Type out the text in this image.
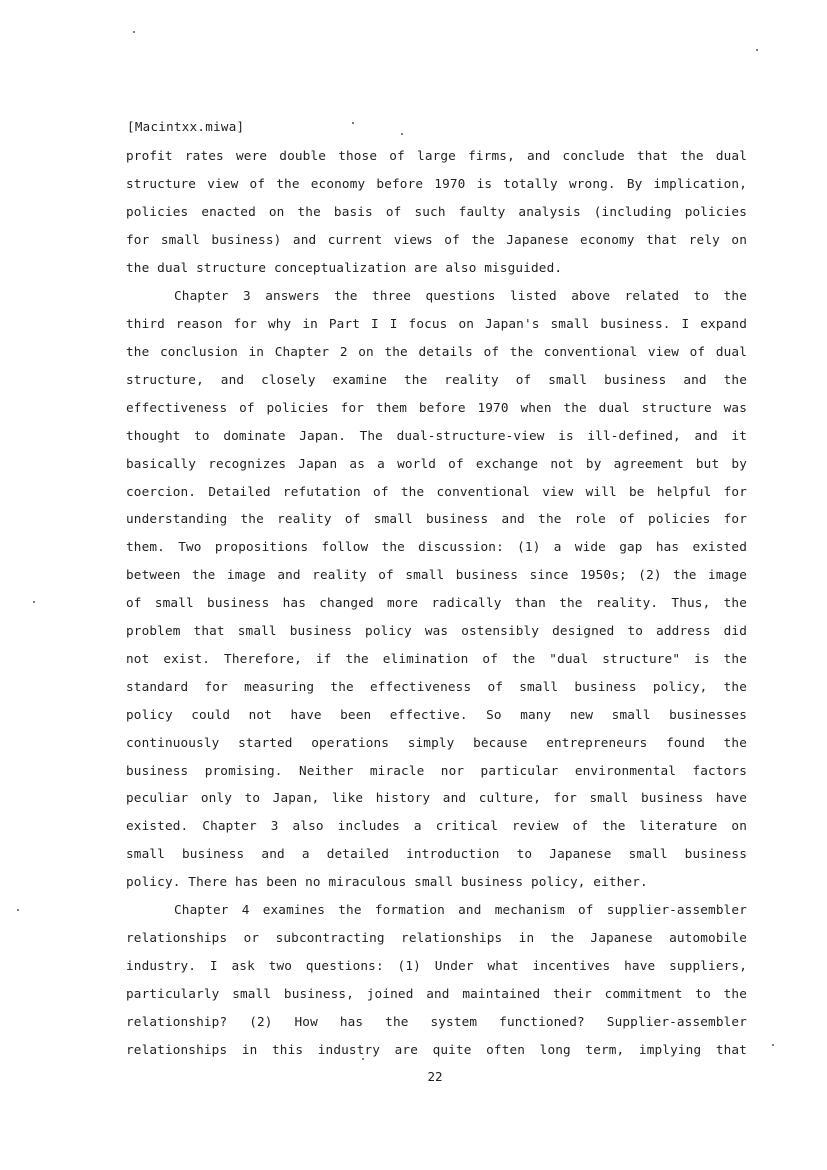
[Macintxx.miwa]
profit rates were double those of large firms, and conclude that the dual
structure view of the economy before 1970 is totally wrong. By implication,
policies enacted on the basis of such faulty analysis (including policies
for small business) and current views of the Japanese economy that rely on
the dual structure conceptualization are also misguided.
Chapter 3 answers the three questions listed above related to the
third reason for why in Part I I focus on Japan's small business. I expand
the conclusion in Chapter 2 on the details of the conventional view of dual
structure, and closely examine the reality of small business and the
effectiveness of policies for them before 1970 when the dual structure was
thought to dominate Japan. The dual-structure-view is ill-defined, and it
basically recognizes Japan as a world of exchange not by agreement but by
coercion. Detailed refutation of the conventional view will be helpful for
understanding the reality of small business and the role of policies for
them. Two propositions follow the discussion: (1) a wide gap has existed
between the image and reality of small business since 1950s; (2) the image
of small business has changed more radically than the reality. Thus, the
problem that small business policy was ostensibly designed to address did
not exist. Therefore, if the elimination of the "dual structure" is the
standard for measuring the effectiveness of small business policy, the
policy could not have been effective. So many new small businesses
continuously started operations simply because entrepreneurs found the
business promising. Neither miracle nor particular environmental factors
peculiar only to Japan, like history and culture, for small business have
existed. Chapter 3 also includes a critical review of the literature on
small business and a detailed introduction to Japanese small business
policy. There has been no miraculous small business policy, either.
Chapter 4 examines the formation and mechanism of supplier-assembler
relationships or subcontracting relationships in the Japanese automobile
industry. I ask two questions: (1) Under what incentives have suppliers,
particularly small business, joined and maintained their commitment to the
relationship? (2) How has the system functioned? Supplier-assembler
relationships in this industry are quite often long term, implying that
22
